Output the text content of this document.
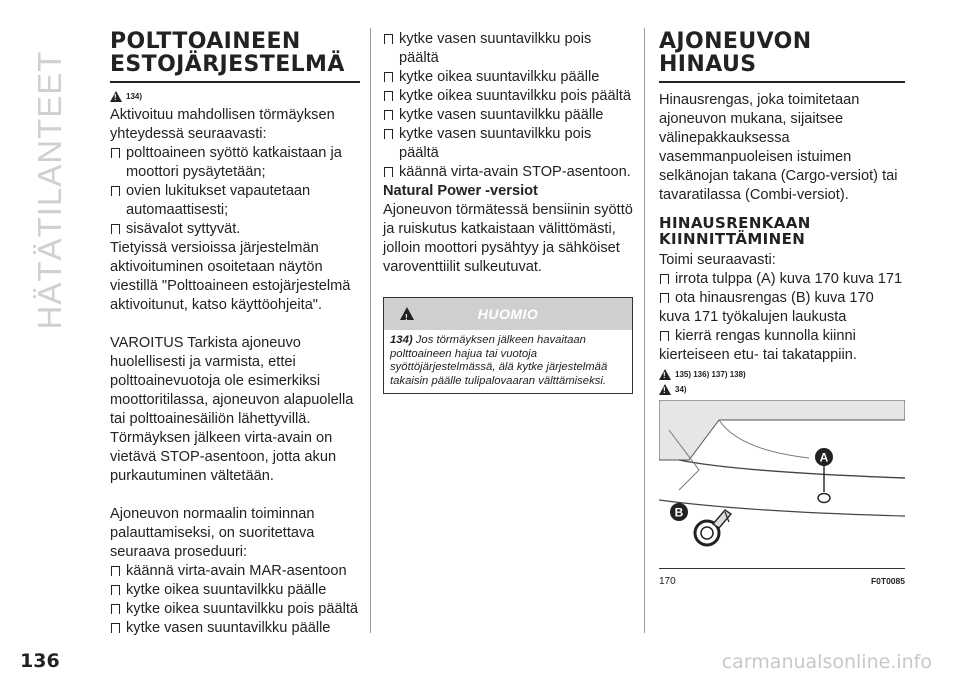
HÄTÄTILANTEET
POLTTOAINEEN
ESTOJÄRJESTELMÄ
!
134)

Aktivoituu mahdollisen törmäyksen yhteydessä seuraavasti:

polttoaineen syöttö katkaistaan ja moottori pysäytetään;
ovien lukitukset vapautetaan automaattisesti;
sisävalot syttyvät.

Tietyissä versioissa järjestelmän aktivoituminen osoitetaan näytön viestillä "Polttoaineen estojärjestelmä aktivoitunut, katso käyttöohjeita".

VAROITUS Tarkista ajoneuvo huolellisesti ja varmista, ettei polttoainevuotoja ole esimerkiksi moottoritilassa, ajoneuvon alapuolella tai polttoainesäiliön lähettyvillä. Törmäyksen jälkeen virta-avain on vietävä STOP-asentoon, jotta akun purkautuminen vältetään.

Ajoneuvon normaalin toiminnan palauttamiseksi, on suoritettava seuraava proseduuri:

käännä virta-avain MAR-asentoon
kytke oikea suuntavilkku päälle
kytke oikea suuntavilkku pois päältä
kytke vasen suuntavilkku päälle
kytke vasen suuntavilkku pois päältä
kytke oikea suuntavilkku päälle
kytke oikea suuntavilkku pois päältä
kytke vasen suuntavilkku päälle
kytke vasen suuntavilkku pois päältä
käännä virta-avain STOP-asentoon.

Natural Power -versiot

Ajoneuvon törmätessä bensiinin syöttö ja ruiskutus katkaistaan välittömästi, jolloin moottori pysähtyy ja sähköiset varoventtiilit sulkeutuvat.

!
HUOMIO
134) Jos törmäyksen jälkeen havaitaan polttoaineen hajua tai vuotoja syöttöjärjestelmässä, älä kytke järjestelmää takaisin päälle tulipalovaaran välttämiseksi.
AJONEUVON
HINAUS

Hinausrengas, joka toimitetaan ajoneuvon mukana, sijaitsee välinepakkauksessa vasemmanpuoleisen istuimen selkänojan takana (Cargo-versiot) tai tavaratilassa (Combi-versiot).

HINAUSRENKAAN
KIINNITTÄMINEN

Toimi seuraavasti:

irrota tulppa (A) kuva 170 kuva 171
ota hinausrengas (B) kuva 170

kuva 171 työkalujen laukusta

kierrä rengas kunnolla kiinni

kierteiseen etu- tai takatappiin.

!
135) 136) 137) 138)
!
34)
A
B
170	F0T0085
136	carmanualsonline.info
